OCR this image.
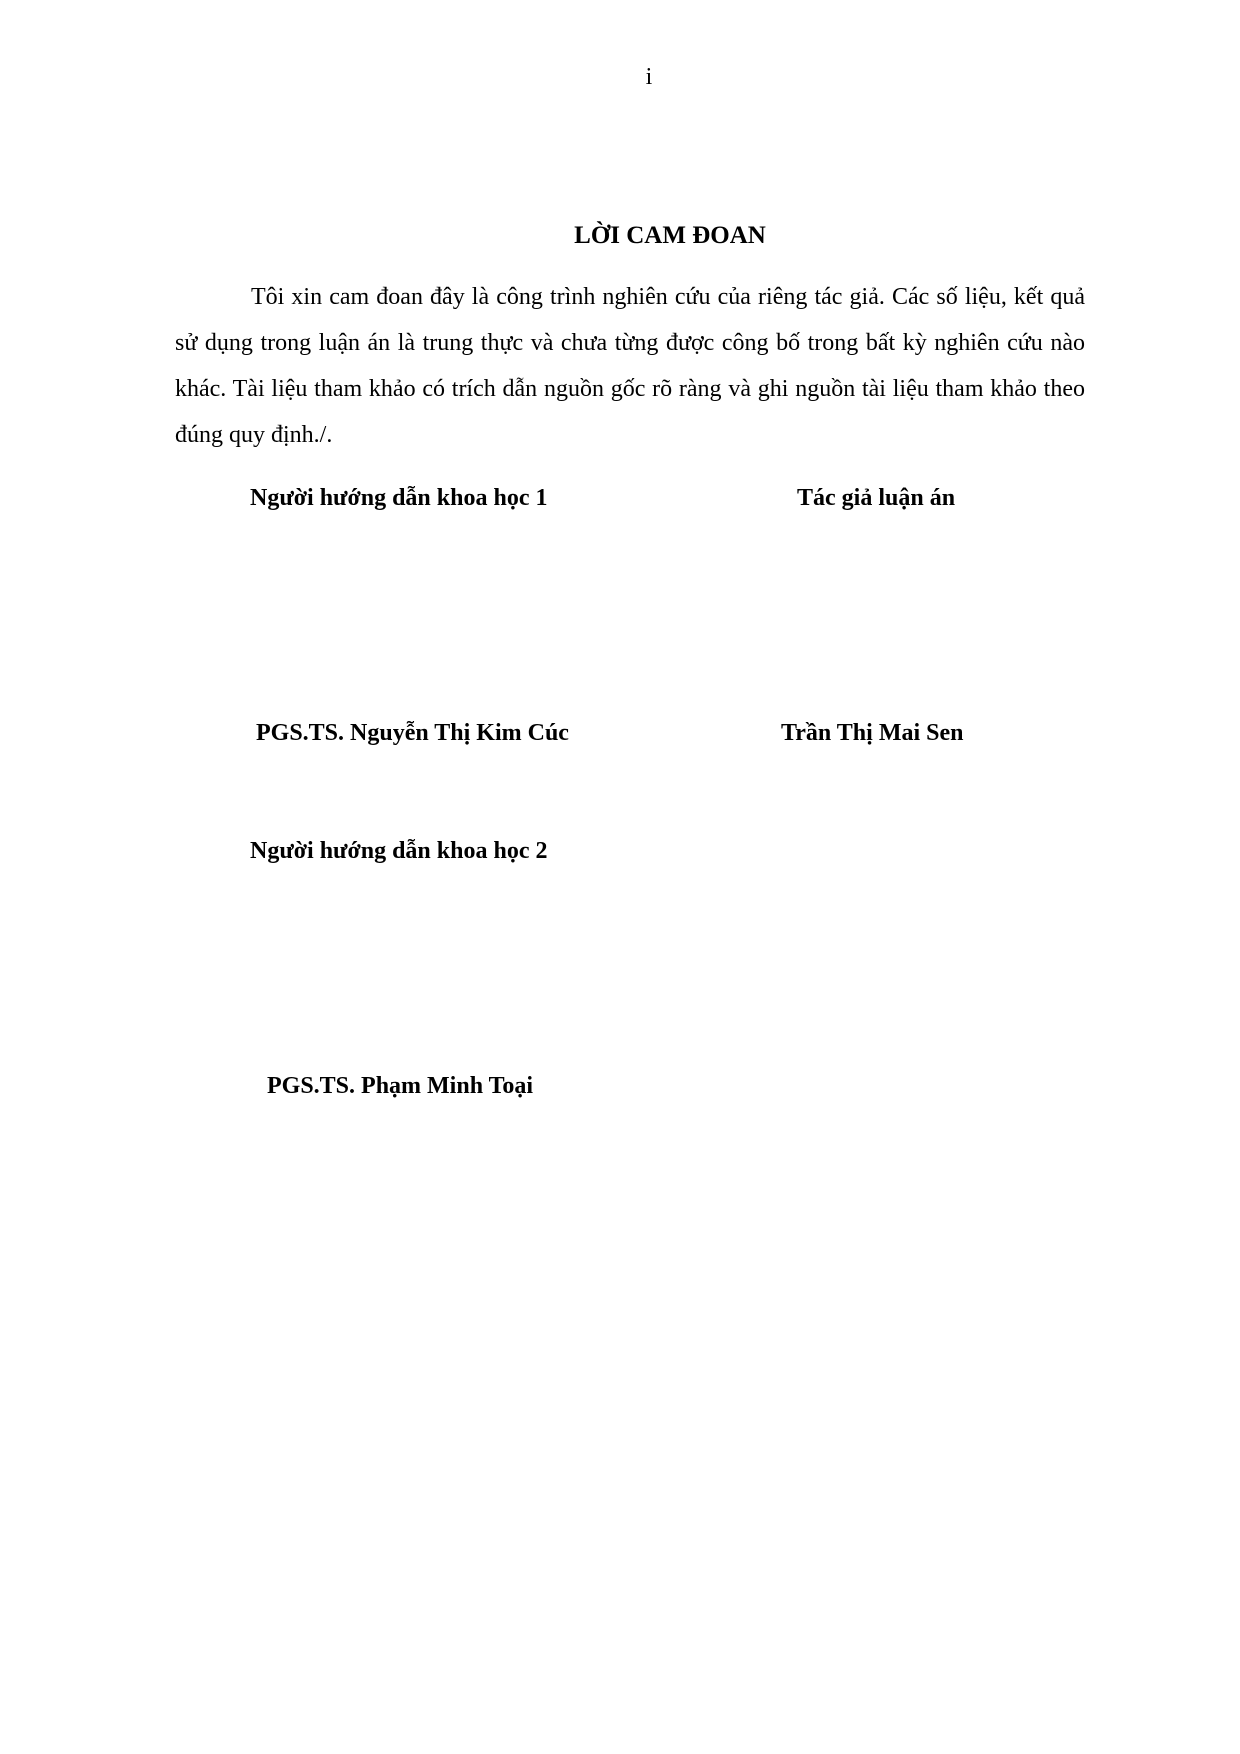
i
LỜI CAM ĐOAN

Tôi xin cam đoan đây là công trình nghiên cứu của riêng tác giả. Các số liệu, kết quả sử dụng trong luận án là trung thực và chưa từng được công bố trong bất kỳ nghiên cứu nào khác. Tài liệu tham khảo có trích dẫn nguồn gốc rõ ràng và ghi nguồn tài liệu tham khảo theo đúng quy định./.

Người hướng dẫn khoa học 1	Tác giả luận án
PGS.TS. Nguyễn Thị Kim Cúc	Trần Thị Mai Sen
Người hướng dẫn khoa học 2
PGS.TS. Phạm Minh Toại
